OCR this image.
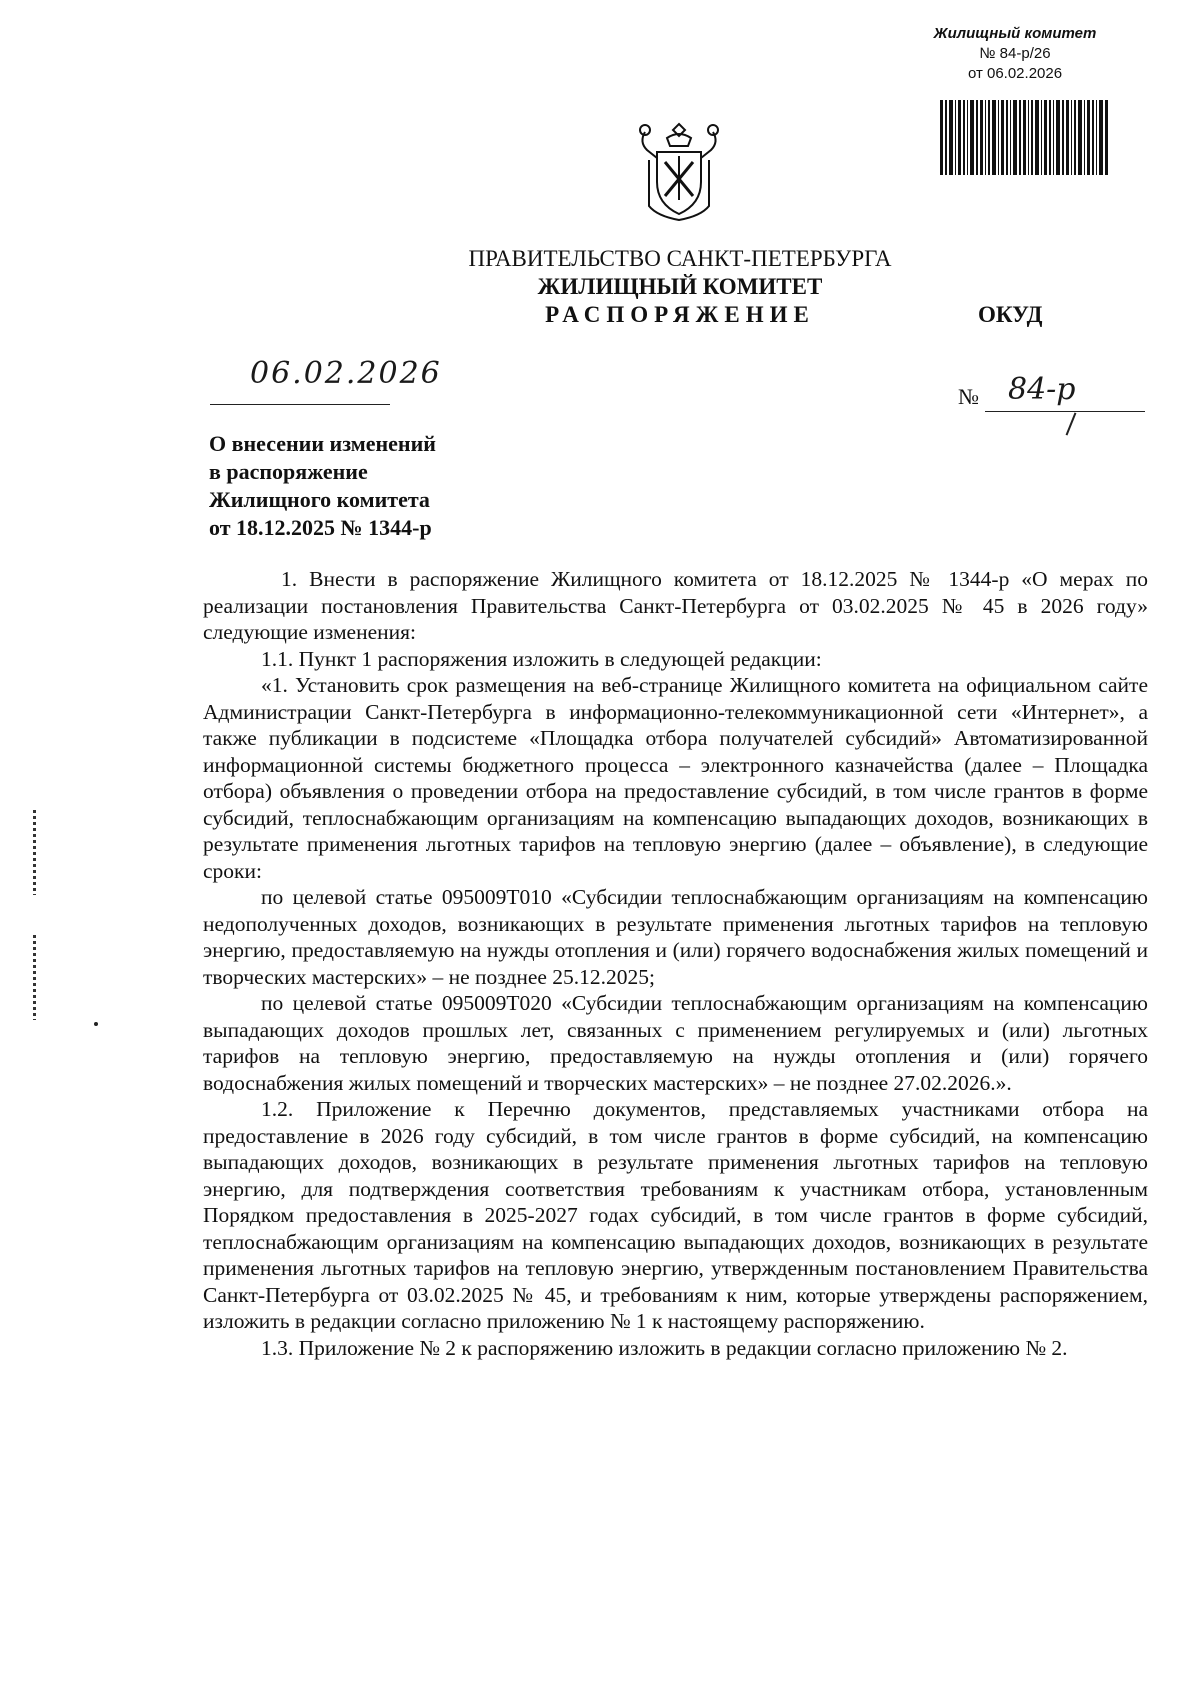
Жилищный комитет
№ 84-р/26
от 06.02.2026
ПРАВИТЕЛЬСТВО САНКТ-ПЕТЕРБУРГА
ЖИЛИЩНЫЙ КОМИТЕТ
РАСПОРЯЖЕНИЕ	ОКУД
06.02.2026
№ 84-р
О внесении изменений
в распоряжение
Жилищного комитета
от 18.12.2025 № 1344-р

1. Внести в распоряжение Жилищного комитета от 18.12.2025 № 1344-р «О мерах по реализации постановления Правительства Санкт-Петербурга от 03.02.2025 № 45 в 2026 году» следующие изменения:

1.1. Пункт 1 распоряжения изложить в следующей редакции:

«1. Установить срок размещения на веб-странице Жилищного комитета на официальном сайте Администрации Санкт-Петербурга в информационно-телекоммуникационной сети «Интернет», а также публикации в подсистеме «Площадка отбора получателей субсидий» Автоматизированной информационной системы бюджетного процесса – электронного казначейства (далее – Площадка отбора) объявления о проведении отбора на предоставление субсидий, в том числе грантов в форме субсидий, теплоснабжающим организациям на компенсацию выпадающих доходов, возникающих в результате применения льготных тарифов на тепловую энергию (далее – объявление), в следующие сроки:

по целевой статье 095009Т010 «Субсидии теплоснабжающим организациям на компенсацию недополученных доходов, возникающих в результате применения льготных тарифов на тепловую энергию, предоставляемую на нужды отопления и (или) горячего водоснабжения жилых помещений и творческих мастерских» – не позднее 25.12.2025;

по целевой статье 095009Т020 «Субсидии теплоснабжающим организациям на компенсацию выпадающих доходов прошлых лет, связанных с применением регулируемых и (или) льготных тарифов на тепловую энергию, предоставляемую на нужды отопления и (или) горячего водоснабжения жилых помещений и творческих мастерских» – не позднее 27.02.2026.».

1.2. Приложение к Перечню документов, представляемых участниками отбора на предоставление в 2026 году субсидий, в том числе грантов в форме субсидий, на компенсацию выпадающих доходов, возникающих в результате применения льготных тарифов на тепловую энергию, для подтверждения соответствия требованиям к участникам отбора, установленным Порядком предоставления в 2025-2027 годах субсидий, в том числе грантов в форме субсидий, теплоснабжающим организациям на компенсацию выпадающих доходов, возникающих в результате применения льготных тарифов на тепловую энергию, утвержденным постановлением Правительства Санкт-Петербурга от 03.02.2025 № 45, и требованиям к ним, которые утверждены распоряжением, изложить в редакции согласно приложению № 1 к настоящему распоряжению.

1.3. Приложение № 2 к распоряжению изложить в редакции согласно приложению № 2.
